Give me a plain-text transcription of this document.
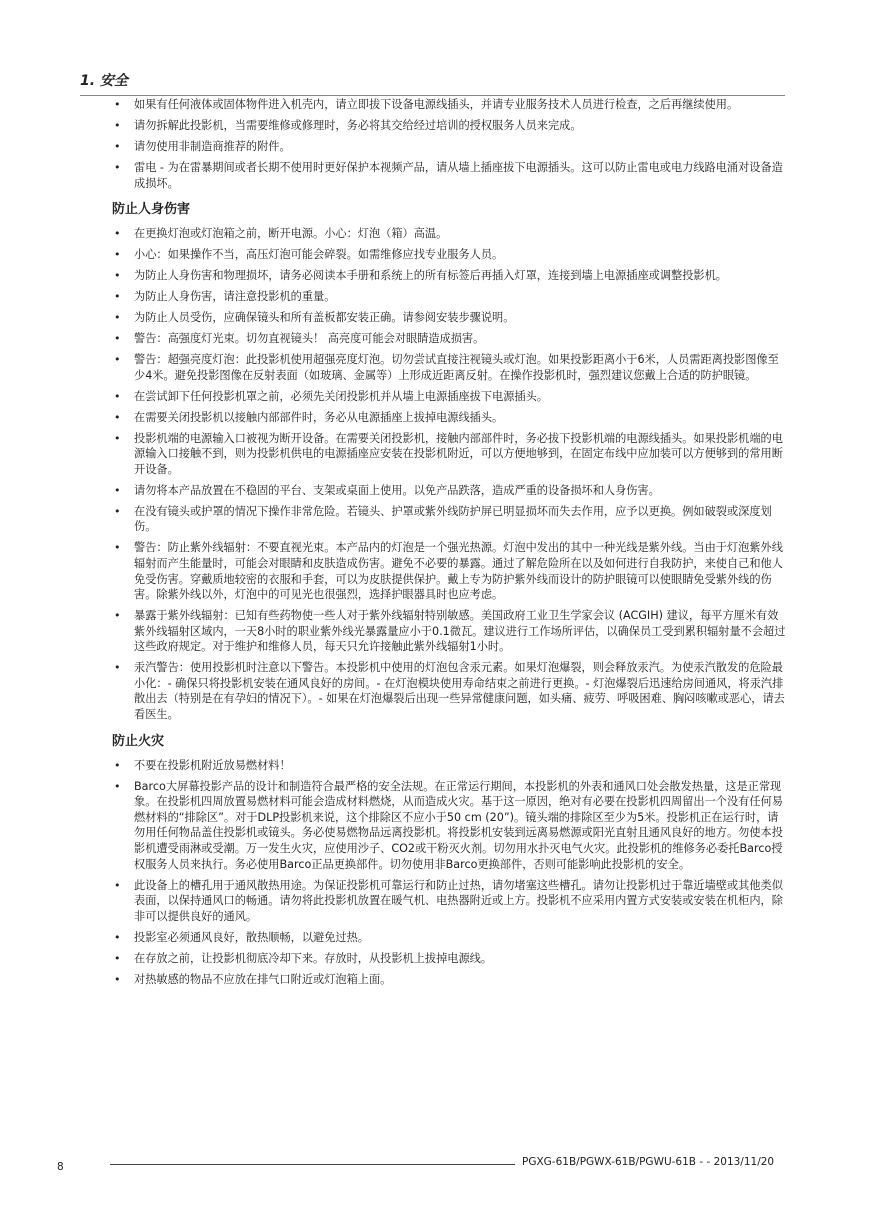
1. 安全
• 如果有任何液体或固体物件进入机壳内，请立即拔下设备电源线插头，并请专业服务技术人员进行检查，之后再继续使用。
• 请勿拆解此投影机，当需要维修或修理时，务必将其交给经过培训的授权服务人员来完成。
• 请勿使用非制造商推荐的附件。
• 雷电 - 为在雷暴期间或者长期不使用时更好保护本视频产品，请从墙上插座拔下电源插头。这可以防止雷电或电力线路电涌对设备造成损坏。
防止人身伤害
• 在更换灯泡或灯泡箱之前，断开电源。小心：灯泡（箱）高温。
• 小心：如果操作不当，高压灯泡可能会碎裂。如需维修应找专业服务人员。
• 为防止人身伤害和物理损坏，请务必阅读本手册和系统上的所有标签后再插入灯罩，连接到墙上电源插座或调整投影机。
• 为防止人身伤害，请注意投影机的重量。
• 为防止人员受伤，应确保镜头和所有盖板都安装正确。请参阅安装步骤说明。
• 警告：高强度灯光束。切勿直视镜头！ 高亮度可能会对眼睛造成损害。
• 警告：超强亮度灯泡：此投影机使用超强亮度灯泡。切勿尝试直接注视镜头或灯泡。如果投影距离小于6米，人员需距离投影图像至少4米。避免投影图像在反射表面（如玻璃、金属等）上形成近距离反射。在操作投影机时，强烈建议您戴上合适的防护眼镜。
• 在尝试卸下任何投影机罩之前，必须先关闭投影机并从墙上电源插座拔下电源插头。
• 在需要关闭投影机以接触内部部件时，务必从电源插座上拔掉电源线插头。
• 投影机端的电源输入口被视为断开设备。在需要关闭投影机，接触内部部件时，务必拔下投影机端的电源线插头。如果投影机端的电源输入口接触不到，则为投影机供电的电源插座应安装在投影机附近，可以方便地够到，在固定布线中应加装可以方便够到的常用断开设备。
• 请勿将本产品放置在不稳固的平台、支架或桌面上使用。以免产品跌落，造成严重的设备损坏和人身伤害。
• 在没有镜头或护罩的情况下操作非常危险。若镜头、护罩或紫外线防护屏已明显损坏而失去作用，应予以更换。例如破裂或深度划伤。
• 警告：防止紫外线辐射：不要直视光束。本产品内的灯泡是一个强光热源。灯泡中发出的其中一种光线是紫外线。当由于灯泡紫外线辐射而产生能量时，可能会对眼睛和皮肤造成伤害。避免不必要的暴露。通过了解危险所在以及如何进行自我防护，来使自己和他人免受伤害。穿戴质地较密的衣服和手套，可以为皮肤提供保护。戴上专为防护紫外线而设计的防护眼镜可以使眼睛免受紫外线的伤害。除紫外线以外，灯泡中的可见光也很强烈，选择护眼器具时也应考虑。
• 暴露于紫外线辐射：已知有些药物使一些人对于紫外线辐射特别敏感。美国政府工业卫生学家会议 (ACGIH) 建议，每平方厘米有效紫外线辐射区域内，一天8小时的职业紫外线光暴露量应小于0.1微瓦。建议进行工作场所评估，以确保员工受到累积辐射量不会超过这些政府规定。对于维护和维修人员，每天只允许接触此紫外线辐射1小时。
• 汞汽警告：使用投影机时注意以下警告。本投影机中使用的灯泡包含汞元素。如果灯泡爆裂，则会释放汞汽。为使汞汽散发的危险最小化：- 确保只将投影机安装在通风良好的房间。- 在灯泡模块使用寿命结束之前进行更换。- 灯泡爆裂后迅速给房间通风，将汞汽排散出去（特别是在有孕妇的情况下）。- 如果在灯泡爆裂后出现一些异常健康问题，如头痛、疲劳、呼吸困难、胸闷咳嗽或恶心，请去看医生。
防止火灾
• 不要在投影机附近放易燃材料！
• Barco大屏幕投影产品的设计和制造符合最严格的安全法规。在正常运行期间，本投影机的外表和通风口处会散发热量，这是正常现象。在投影机四周放置易燃材料可能会造成材料燃烧，从而造成火灾。基于这一原因，绝对有必要在投影机四周留出一个没有任何易燃材料的“排除区”。对于DLP投影机来说，这个排除区不应小于50 cm (20”)。镜头端的排除区至少为5米。投影机正在运行时，请勿用任何物品盖住投影机或镜头。务必使易燃物品远离投影机。将投影机安装到远离易燃源或阳光直射且通风良好的地方。勿使本投影机遭受雨淋或受潮。万一发生火灾，应使用沙子、CO2或干粉灭火剂。切勿用水扑灭电气火灾。此投影机的维修务必委托Barco授权服务人员来执行。务必使用Barco正品更换部件。切勿使用非Barco更换部件，否则可能影响此投影机的安全。
• 此设备上的槽孔用于通风散热用途。为保证投影机可靠运行和防止过热，请勿堵塞这些槽孔。请勿让投影机过于靠近墙壁或其他类似表面，以保持通风口的畅通。请勿将此投影机放置在暖气机、电热器附近或上方。投影机不应采用内置方式安装或安装在机柜内，除非可以提供良好的通风。
• 投影室必须通风良好，散热顺畅，以避免过热。
• 在存放之前，让投影机彻底冷却下来。存放时，从投影机上拔掉电源线。
• 对热敏感的物品不应放在排气口附近或灯泡箱上面。
8	PGXG-61B/PGWX-61B/PGWU-61B - - 2013/11/20
